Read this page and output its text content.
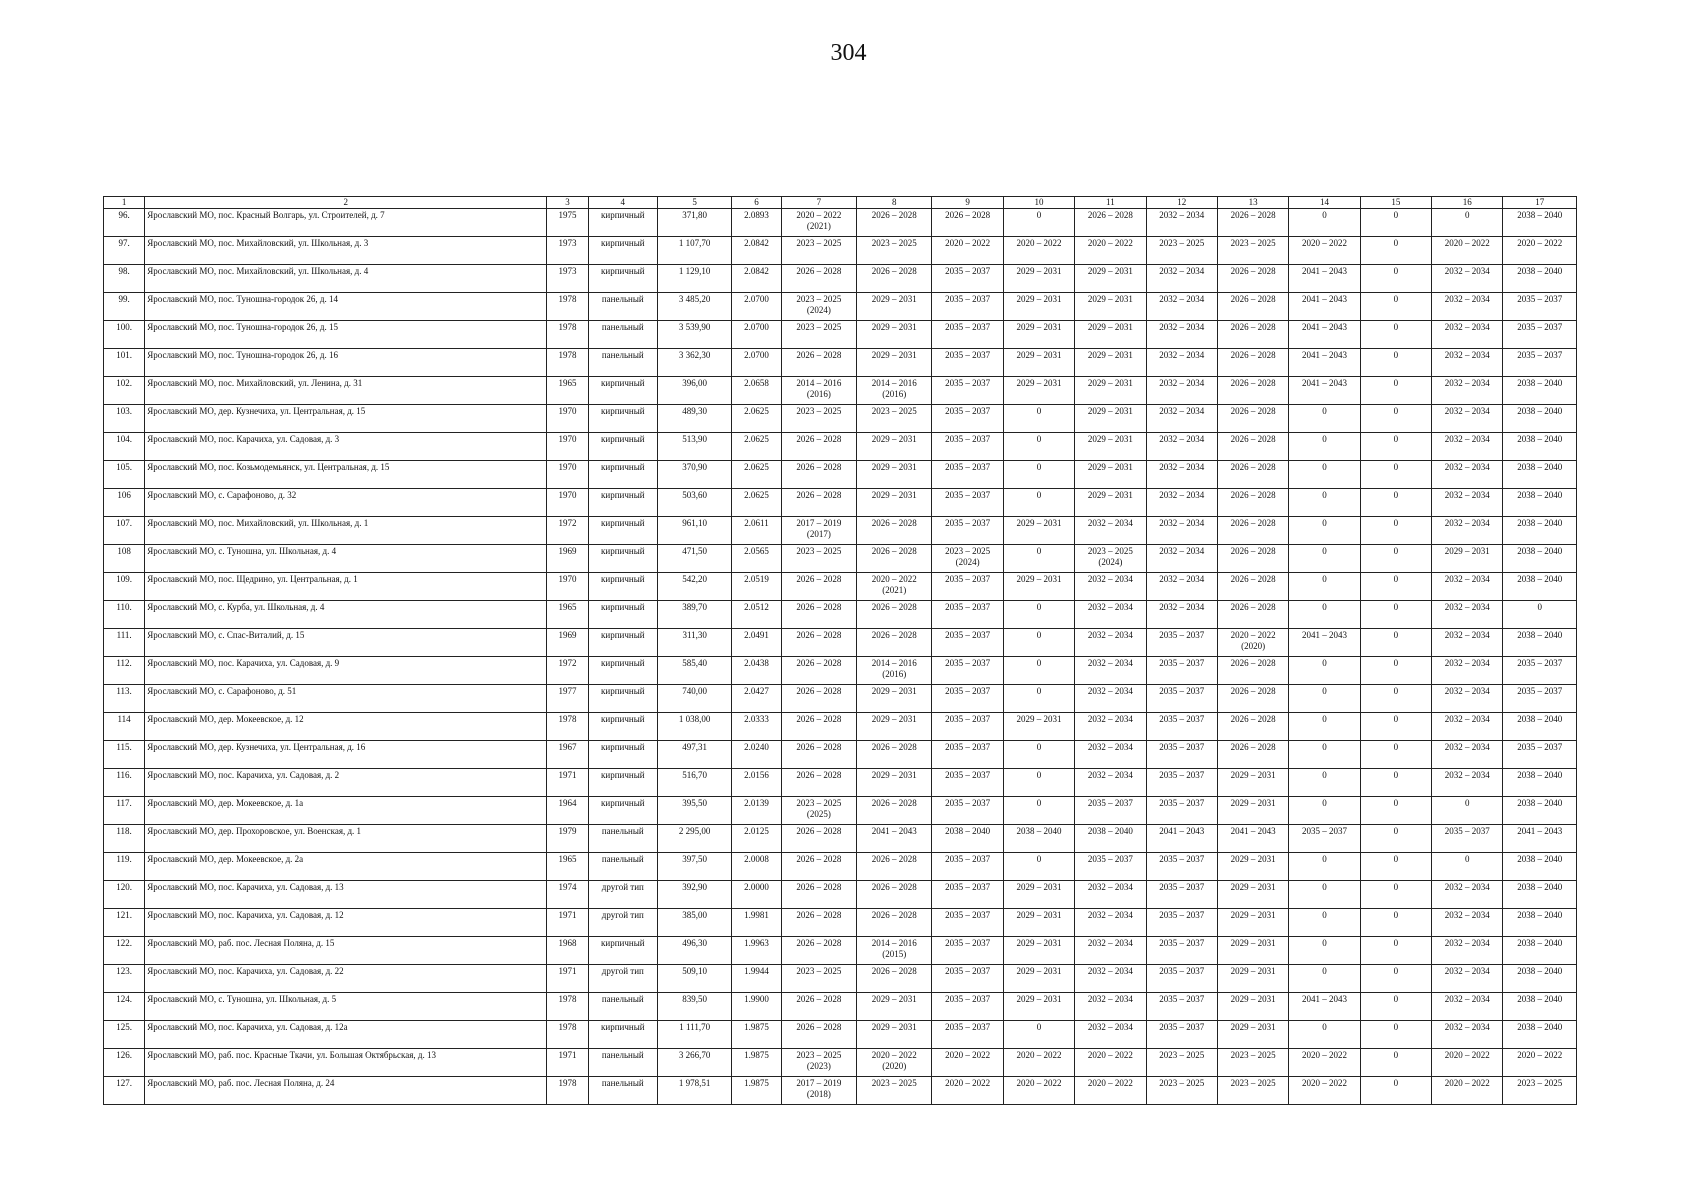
304
1	2	3	4	5	6	7	8	9	10	11	12	13	14	15	16	17
96.	Ярославский МО, пос. Красный Волгарь, ул. Строителей, д. 7	1975	кирпичный	371,80	2.0893	2020 – 2022 (2021)	2026 – 2028	2026 – 2028	0	2026 – 2028	2032 – 2034	2026 – 2028	0	0	0	2038 – 2040
97.	Ярославский МО, пос. Михайловский, ул. Школьная, д. 3	1973	кирпичный	1 107,70	2.0842	2023 – 2025	2023 – 2025	2020 – 2022	2020 – 2022	2020 – 2022	2023 – 2025	2023 – 2025	2020 – 2022	0	2020 – 2022	2020 – 2022
98.	Ярославский МО, пос. Михайловский, ул. Школьная, д. 4	1973	кирпичный	1 129,10	2.0842	2026 – 2028	2026 – 2028	2035 – 2037	2029 – 2031	2029 – 2031	2032 – 2034	2026 – 2028	2041 – 2043	0	2032 – 2034	2038 – 2040
99.	Ярославский МО, пос. Туношна-городок 26, д. 14	1978	панельный	3 485,20	2.0700	2023 – 2025 (2024)	2029 – 2031	2035 – 2037	2029 – 2031	2029 – 2031	2032 – 2034	2026 – 2028	2041 – 2043	0	2032 – 2034	2035 – 2037
100.	Ярославский МО, пос. Туношна-городок 26, д. 15	1978	панельный	3 539,90	2.0700	2023 – 2025	2029 – 2031	2035 – 2037	2029 – 2031	2029 – 2031	2032 – 2034	2026 – 2028	2041 – 2043	0	2032 – 2034	2035 – 2037
101.	Ярославский МО, пос. Туношна-городок 26, д. 16	1978	панельный	3 362,30	2.0700	2026 – 2028	2029 – 2031	2035 – 2037	2029 – 2031	2029 – 2031	2032 – 2034	2026 – 2028	2041 – 2043	0	2032 – 2034	2035 – 2037
102.	Ярославский МО, пос. Михайловский, ул. Ленина, д. 31	1965	кирпичный	396,00	2.0658	2014 – 2016 (2016)	2014 – 2016 (2016)	2035 – 2037	2029 – 2031	2029 – 2031	2032 – 2034	2026 – 2028	2041 – 2043	0	2032 – 2034	2038 – 2040
103.	Ярославский МО, дер. Кузнечиха, ул. Центральная, д. 15	1970	кирпичный	489,30	2.0625	2023 – 2025	2023 – 2025	2035 – 2037	0	2029 – 2031	2032 – 2034	2026 – 2028	0	0	2032 – 2034	2038 – 2040
104.	Ярославский МО, пос. Карачиха, ул. Садовая, д. 3	1970	кирпичный	513,90	2.0625	2026 – 2028	2029 – 2031	2035 – 2037	0	2029 – 2031	2032 – 2034	2026 – 2028	0	0	2032 – 2034	2038 – 2040
105.	Ярославский МО, пос. Козьмодемьянск, ул. Центральная, д. 15	1970	кирпичный	370,90	2.0625	2026 – 2028	2029 – 2031	2035 – 2037	0	2029 – 2031	2032 – 2034	2026 – 2028	0	0	2032 – 2034	2038 – 2040
106	Ярославский МО, с. Сарафоново, д. 32	1970	кирпичный	503,60	2.0625	2026 – 2028	2029 – 2031	2035 – 2037	0	2029 – 2031	2032 – 2034	2026 – 2028	0	0	2032 – 2034	2038 – 2040
107.	Ярославский МО, пос. Михайловский, ул. Школьная, д. 1	1972	кирпичный	961,10	2.0611	2017 – 2019 (2017)	2026 – 2028	2035 – 2037	2029 – 2031	2032 – 2034	2032 – 2034	2026 – 2028	0	0	2032 – 2034	2038 – 2040
108	Ярославский МО, с. Туношна, ул. Школьная, д. 4	1969	кирпичный	471,50	2.0565	2023 – 2025	2026 – 2028	2023 – 2025 (2024)	0	2023 – 2025 (2024)	2032 – 2034	2026 – 2028	0	0	2029 – 2031	2038 – 2040
109.	Ярославский МО, пос. Щедрино, ул. Центральная, д. 1	1970	кирпичный	542,20	2.0519	2026 – 2028	2020 – 2022 (2021)	2035 – 2037	2029 – 2031	2032 – 2034	2032 – 2034	2026 – 2028	0	0	2032 – 2034	2038 – 2040
110.	Ярославский МО, с. Курба, ул. Школьная, д. 4	1965	кирпичный	389,70	2.0512	2026 – 2028	2026 – 2028	2035 – 2037	0	2032 – 2034	2032 – 2034	2026 – 2028	0	0	2032 – 2034	0
111.	Ярославский МО, с. Спас-Виталий, д. 15	1969	кирпичный	311,30	2.0491	2026 – 2028	2026 – 2028	2035 – 2037	0	2032 – 2034	2035 – 2037	2020 – 2022 (2020)	2041 – 2043	0	2032 – 2034	2038 – 2040
112.	Ярославский МО, пос. Карачиха, ул. Садовая, д. 9	1972	кирпичный	585,40	2.0438	2026 – 2028	2014 – 2016 (2016)	2035 – 2037	0	2032 – 2034	2035 – 2037	2026 – 2028	0	0	2032 – 2034	2035 – 2037
113.	Ярославский МО, с. Сарафоново, д. 51	1977	кирпичный	740,00	2.0427	2026 – 2028	2029 – 2031	2035 – 2037	0	2032 – 2034	2035 – 2037	2026 – 2028	0	0	2032 – 2034	2035 – 2037
114	Ярославский МО, дер. Мокеевское, д. 12	1978	кирпичный	1 038,00	2.0333	2026 – 2028	2029 – 2031	2035 – 2037	2029 – 2031	2032 – 2034	2035 – 2037	2026 – 2028	0	0	2032 – 2034	2038 – 2040
115.	Ярославский МО, дер. Кузнечиха, ул. Центральная, д. 16	1967	кирпичный	497,31	2.0240	2026 – 2028	2026 – 2028	2035 – 2037	0	2032 – 2034	2035 – 2037	2026 – 2028	0	0	2032 – 2034	2035 – 2037
116.	Ярославский МО, пос. Карачиха, ул. Садовая, д. 2	1971	кирпичный	516,70	2.0156	2026 – 2028	2029 – 2031	2035 – 2037	0	2032 – 2034	2035 – 2037	2029 – 2031	0	0	2032 – 2034	2038 – 2040
117.	Ярославский МО, дер. Мокеевское, д. 1а	1964	кирпичный	395,50	2.0139	2023 – 2025 (2025)	2026 – 2028	2035 – 2037	0	2035 – 2037	2035 – 2037	2029 – 2031	0	0	0	2038 – 2040
118.	Ярославский МО, дер. Прохоровское, ул. Военская, д. 1	1979	панельный	2 295,00	2.0125	2026 – 2028	2041 – 2043	2038 – 2040	2038 – 2040	2038 – 2040	2041 – 2043	2041 – 2043	2035 – 2037	0	2035 – 2037	2041 – 2043
119.	Ярославский МО, дер. Мокеевское, д. 2а	1965	панельный	397,50	2.0008	2026 – 2028	2026 – 2028	2035 – 2037	0	2035 – 2037	2035 – 2037	2029 – 2031	0	0	0	2038 – 2040
120.	Ярославский МО, пос. Карачиха, ул. Садовая, д. 13	1974	другой тип	392,90	2.0000	2026 – 2028	2026 – 2028	2035 – 2037	2029 – 2031	2032 – 2034	2035 – 2037	2029 – 2031	0	0	2032 – 2034	2038 – 2040
121.	Ярославский МО, пос. Карачиха, ул. Садовая, д. 12	1971	другой тип	385,00	1.9981	2026 – 2028	2026 – 2028	2035 – 2037	2029 – 2031	2032 – 2034	2035 – 2037	2029 – 2031	0	0	2032 – 2034	2038 – 2040
122.	Ярославский МО, раб. пос. Лесная Поляна, д. 15	1968	кирпичный	496,30	1.9963	2026 – 2028	2014 – 2016 (2015)	2035 – 2037	2029 – 2031	2032 – 2034	2035 – 2037	2029 – 2031	0	0	2032 – 2034	2038 – 2040
123.	Ярославский МО, пос. Карачиха, ул. Садовая, д. 22	1971	другой тип	509,10	1.9944	2023 – 2025	2026 – 2028	2035 – 2037	2029 – 2031	2032 – 2034	2035 – 2037	2029 – 2031	0	0	2032 – 2034	2038 – 2040
124.	Ярославский МО, с. Туношна, ул. Школьная, д. 5	1978	панельный	839,50	1.9900	2026 – 2028	2029 – 2031	2035 – 2037	2029 – 2031	2032 – 2034	2035 – 2037	2029 – 2031	2041 – 2043	0	2032 – 2034	2038 – 2040
125.	Ярославский МО, пос. Карачиха, ул. Садовая, д. 12а	1978	кирпичный	1 111,70	1.9875	2026 – 2028	2029 – 2031	2035 – 2037	0	2032 – 2034	2035 – 2037	2029 – 2031	0	0	2032 – 2034	2038 – 2040
126.	Ярославский МО, раб. пос. Красные Ткачи, ул. Большая Октябрьская, д. 13	1971	панельный	3 266,70	1.9875	2023 – 2025 (2023)	2020 – 2022 (2020)	2020 – 2022	2020 – 2022	2020 – 2022	2023 – 2025	2023 – 2025	2020 – 2022	0	2020 – 2022	2020 – 2022
127.	Ярославский МО, раб. пос. Лесная Поляна, д. 24	1978	панельный	1 978,51	1.9875	2017 – 2019 (2018)	2023 – 2025	2020 – 2022	2020 – 2022	2020 – 2022	2023 – 2025	2023 – 2025	2020 – 2022	0	2020 – 2022	2023 – 2025
